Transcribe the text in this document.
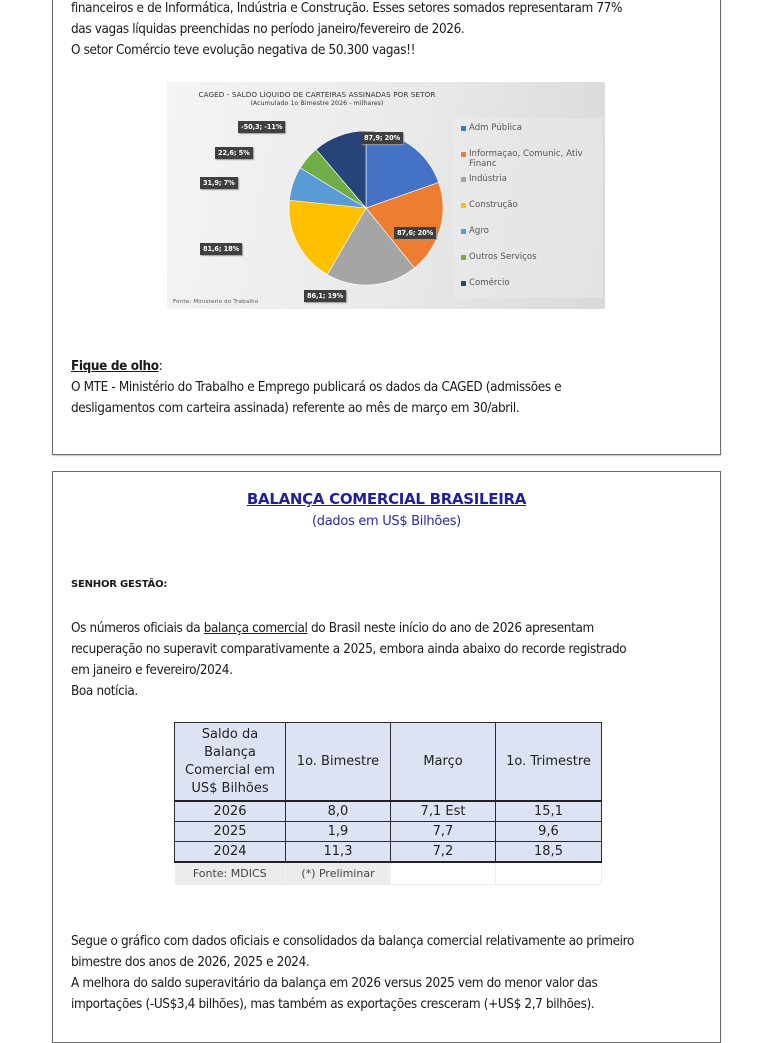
financeiros e de Informática, Indústria e Construção. Esses setores somados representaram 77%

das vagas líquidas preenchidas no período janeiro/fevereiro de 2026.

O setor Comércio teve evolução negativa de 50.300 vagas!!

CAGED - SALDO LÍQUIDO DE CARTEIRAS ASSINADAS POR SETOR
(Acumulado 1o Bimestre 2026 - milhares)
-50,3; -11%
87,9; 20%
22,6; 5%
31,9; 7%
87,6; 20%
81,6; 18%
86,1; 19%
Adm Pública
Informaçao, Comunic, Ativ Financ
Indústria
Construção
Agro
Outros Serviços
Comércio
Fonte: Ministerio do Trabalho

Fique de olho:

O MTE - Ministério do Trabalho e Emprego publicará os dados da CAGED (admissões e

desligamentos com carteira assinada) referente ao mês de março em 30/abril.

BALANÇA COMERCIAL BRASILEIRA
(dados em US$ Bilhões)
SENHOR GESTÃO:

Os números oficiais da balança comercial do Brasil neste início do ano de 2026 apresentam

recuperação no superavit comparativamente a 2025, embora ainda abaixo do recorde registrado

em janeiro e fevereiro/2024.

Boa notícia.

Saldo da
Balança
Comercial em
US$ Bilhões	1o. Bimestre	Março	1o. Trimestre
2026	8,0	7,1 Est	15,1
2025	1,9	7,7	9,6
2024	11,3	7,2	18,5
Fonte: MDICS	(*) Preliminar		

Segue o gráfico com dados oficiais e consolidados da balança comercial relativamente ao primeiro

bimestre dos anos de 2026, 2025 e 2024.

A melhora do saldo superavitário da balança em 2026 versus 2025 vem do menor valor das

importações (-US$3,4 bilhões), mas também as exportações cresceram (+US$ 2,7 bilhões).
